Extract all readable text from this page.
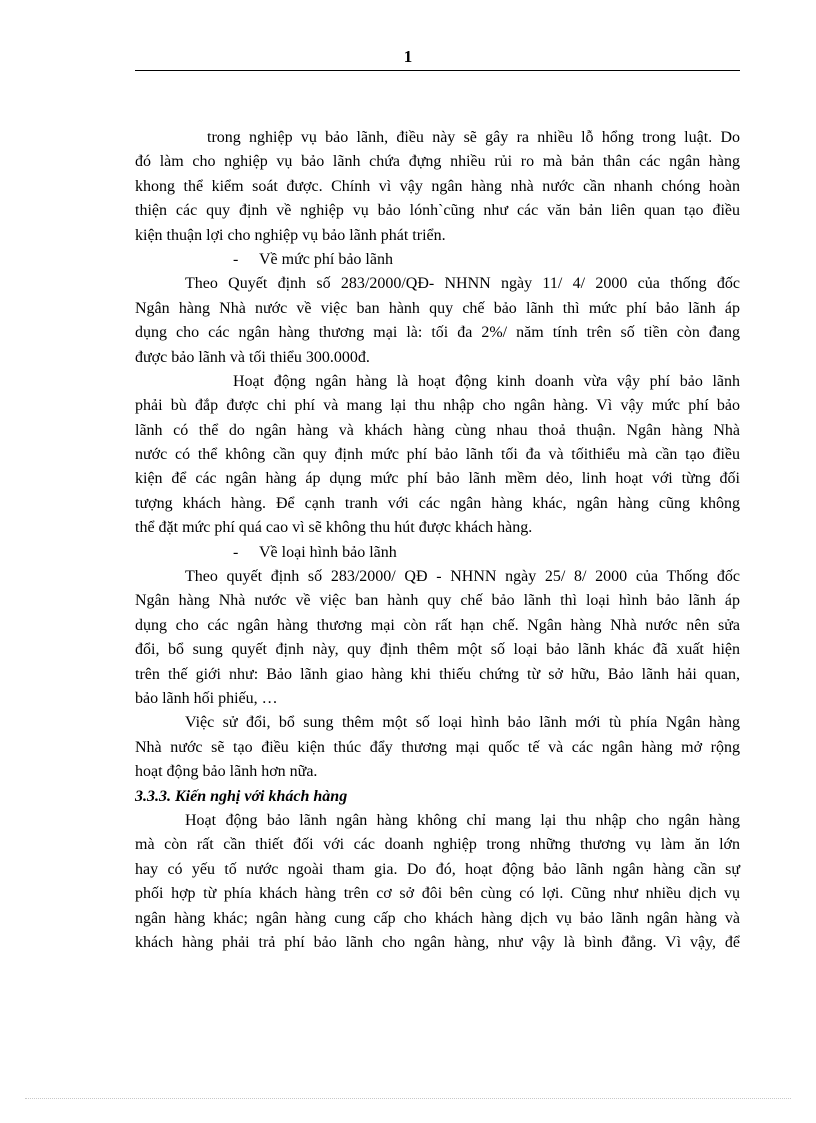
1
trong nghiệp vụ bảo lãnh, điều này sẽ gây ra nhiều lỗ hổng trong luật. Do
đó làm cho nghiệp vụ bảo lãnh chứa đựng nhiều rủi ro mà bản thân các ngân hàng
khong thể kiểm soát được. Chính vì vậy ngân hàng nhà nước cần nhanh chóng hoàn
thiện các quy định về nghiệp vụ bảo lónh`cũng như các văn bản liên quan tạo điều
kiện thuận lợi cho nghiệp vụ bảo lãnh phát triển.
- Về mức phí bảo lãnh
Theo Quyết định số 283/2000/QĐ- NHNN ngày 11/ 4/ 2000 của thống đốc
Ngân hàng Nhà nước về việc ban hành quy chế bảo lãnh thì mức phí bảo lãnh áp
dụng cho các ngân hàng thương mại là: tối đa 2%/ năm tính trên số tiền còn đang
được bảo lãnh và tối thiểu 300.000đ.
Hoạt động ngân hàng là hoạt động kinh doanh vừa vậy phí bảo lãnh
phải bù đắp được chi phí và mang lại thu nhập cho ngân hàng. Vì vậy mức phí bảo
lãnh có thể do ngân hàng và khách hàng cùng nhau thoả thuận. Ngân hàng Nhà
nước có thể không cần quy định mức phí bảo lãnh tối đa và tốithiểu mà cần tạo điều
kiện để các ngân hàng áp dụng mức phí bảo lãnh mềm dẻo, linh hoạt với từng đối
tượng khách hàng. Để cạnh tranh với các ngân hàng khác, ngân hàng cũng không
thể đặt mức phí quá cao vì sẽ không thu hút được khách hàng.
- Về loại hình bảo lãnh
Theo quyết định số 283/2000/ QĐ - NHNN ngày 25/ 8/ 2000 của Thống đốc
Ngân hàng Nhà nước về việc ban hành quy chế bảo lãnh thì loại hình bảo lãnh áp
dụng cho các ngân hàng thương mại còn rất hạn chế. Ngân hàng Nhà nước nên sửa
đổi, bổ sung quyết định này, quy định thêm một số loại bảo lãnh khác đã xuất hiện
trên thế giới như: Bảo lãnh giao hàng khi thiếu chứng từ sở hữu, Bảo lãnh hải quan,
bảo lãnh hối phiếu, …
Việc sử đổi, bổ sung thêm một số loại hình bảo lãnh mới tù phía Ngân hàng
Nhà nước sẽ tạo điều kiện thúc đẩy thương mại quốc tế và các ngân hàng mở rộng
hoạt động bảo lãnh hơn nữa.
3.3.3. Kiến nghị với khách hàng
Hoạt động bảo lãnh ngân hàng không chỉ mang lại thu nhập cho ngân hàng
mà còn rất cần thiết đối với các doanh nghiệp trong những thương vụ làm ăn lớn
hay có yếu tố nước ngoài tham gia. Do đó, hoạt động bảo lãnh ngân hàng cần sự
phối hợp từ phía khách hàng trên cơ sở đôi bên cùng có lợi. Cũng như nhiều dịch vụ
ngân hàng khác; ngân hàng cung cấp cho khách hàng dịch vụ bảo lãnh ngân hàng và
khách hàng phải trả phí bảo lãnh cho ngân hàng, như vậy là bình đẳng. Vì vậy, để
